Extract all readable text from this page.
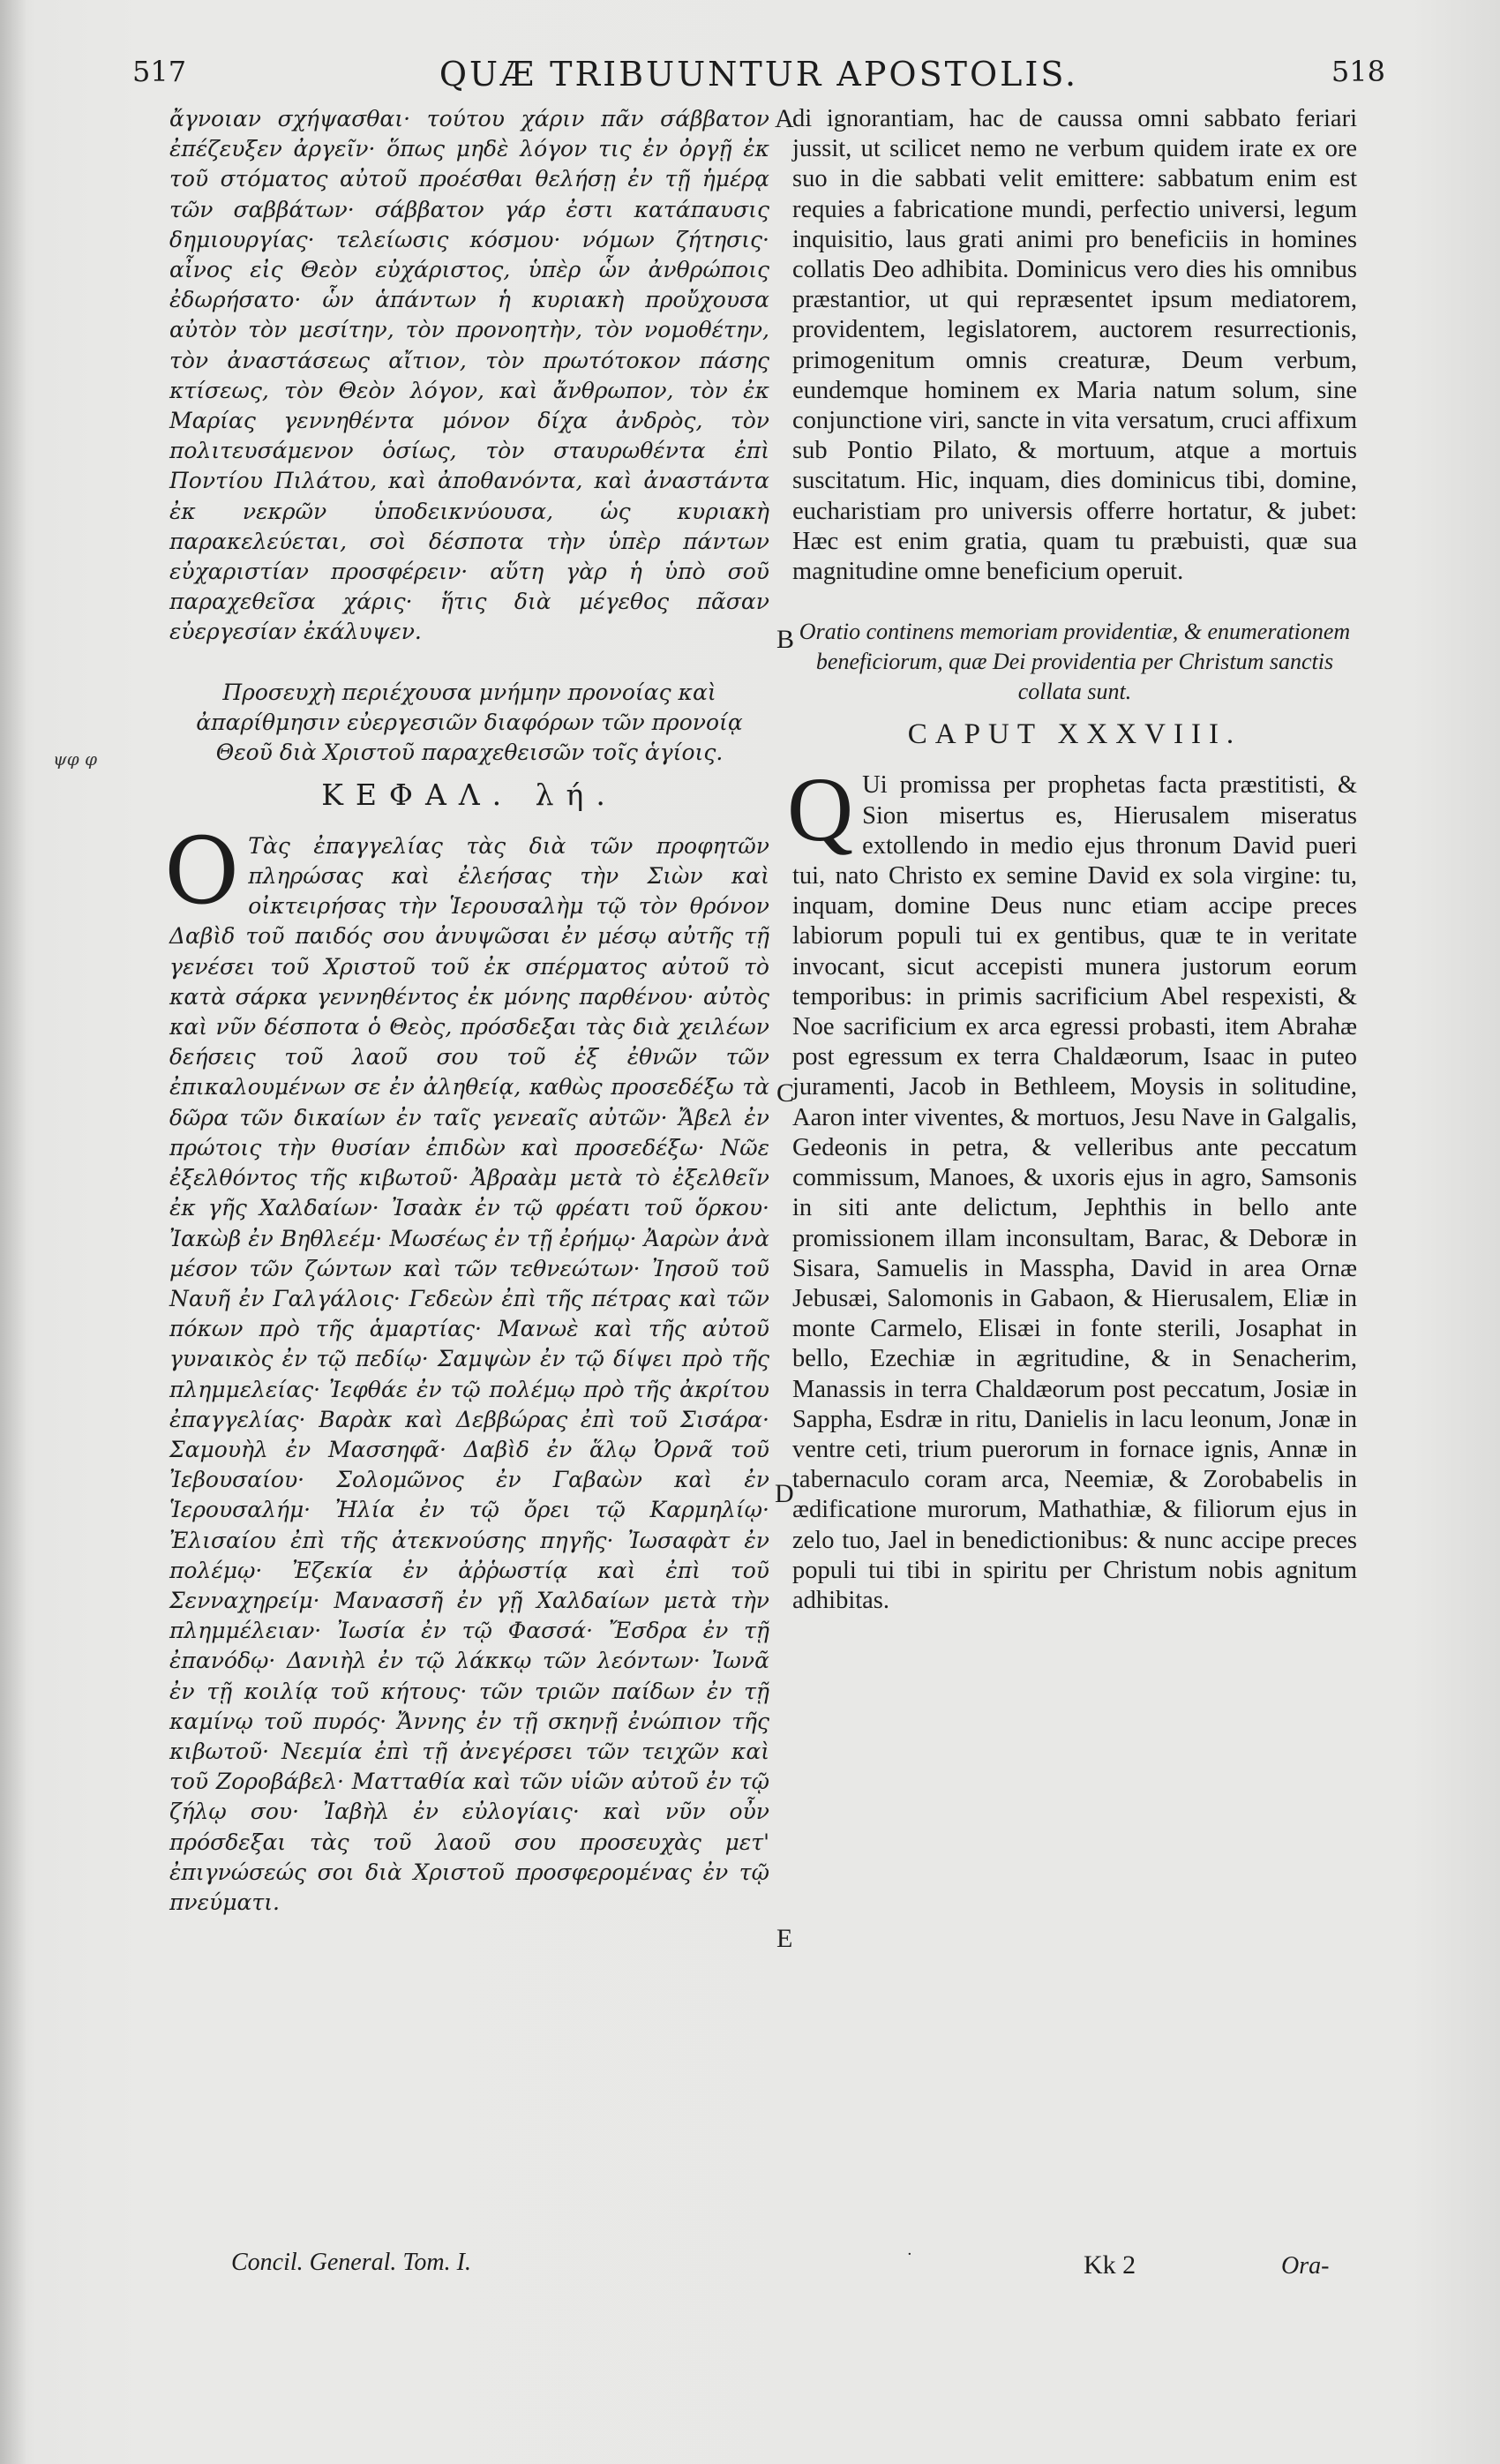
517	QUÆ TRIBUUNTUR APOSTOLIS.	518
ψφ φ

ἄγνοιαν σχήψασθαι· τούτου χάριν πᾶν σάββατον ἐπέζευξεν ἀργεῖν· ὅπως μηδὲ λόγον τις ἐν ὀργῇ ἐκ τοῦ στόματος αὐτοῦ προέσθαι θελήσῃ ἐν τῇ ἡμέρᾳ τῶν σαββάτων· σάββατον γάρ ἐστι κατάπαυσις δημιουργίας· τελείωσις κόσμου· νόμων ζήτησις· αἶνος εἰς Θεὸν εὐχάριστος, ὑπὲρ ὧν ἀνθρώποις ἐδωρήσατο· ὧν ἁπάντων ἡ κυριακὴ προὔχουσα αὐτὸν τὸν μεσίτην, τὸν προνοητὴν, τὸν νομοθέτην, τὸν ἀναστάσεως αἴτιον, τὸν πρωτότοκον πάσης κτίσεως, τὸν Θεὸν λόγον, καὶ ἄνθρωπον, τὸν ἐκ Μαρίας γεννηθέντα μόνον δίχα ἀνδρὸς, τὸν πολιτευσάμενον ὁσίως, τὸν σταυρωθέντα ἐπὶ Ποντίου Πιλάτου, καὶ ἀποθανόντα, καὶ ἀναστάντα ἐκ νεκρῶν ὑποδεικνύουσα, ὡς κυριακὴ παρακελεύεται, σοὶ δέσποτα τὴν ὑπὲρ πάντων εὐχαριστίαν προσφέρειν· αὕτη γὰρ ἡ ὑπὸ σοῦ παραχεθεῖσα χάρις· ἥτις διὰ μέγεθος πᾶσαν εὐεργεσίαν ἐκάλυψεν.

Προσευχὴ περιέχουσα μνήμην προνοίας καὶ ἀπαρίθμησιν εὐεργεσιῶν διαφόρων τῶν προνοίᾳ Θεοῦ διὰ Χριστοῦ παραχεθεισῶν τοῖς ἁγίοις.

ΚΕΦΑΛ. λή.

O Τὰς ἐπαγγελίας τὰς διὰ τῶν προφητῶν πληρώσας καὶ ἐλεήσας τὴν Σιὼν καὶ οἰκτειρήσας τὴν Ἱερουσαλὴμ τῷ τὸν θρόνον Δαβὶδ τοῦ παιδός σου ἀνυψῶσαι ἐν μέσῳ αὐτῆς τῇ γενέσει τοῦ Χριστοῦ τοῦ ἐκ σπέρματος αὐτοῦ τὸ κατὰ σάρκα γεννηθέντος ἐκ μόνης παρθένου· αὐτὸς καὶ νῦν δέσποτα ὁ Θεὸς, πρόσδεξαι τὰς διὰ χειλέων δεήσεις τοῦ λαοῦ σου τοῦ ἐξ ἐθνῶν τῶν ἐπικαλουμένων σε ἐν ἀληθείᾳ, καθὼς προσεδέξω τὰ δῶρα τῶν δικαίων ἐν ταῖς γενεαῖς αὐτῶν· Ἄβελ ἐν πρώτοις τὴν θυσίαν ἐπιδὼν καὶ προσεδέξω· Νῶε ἐξελθόντος τῆς κιβωτοῦ· Ἀβραὰμ μετὰ τὸ ἐξελθεῖν ἐκ γῆς Χαλδαίων· Ἰσαὰκ ἐν τῷ φρέατι τοῦ ὅρκου· Ἰακὼβ ἐν Βηθλεέμ· Μωσέως ἐν τῇ ἐρήμῳ· Ἀαρὼν ἀνὰ μέσον τῶν ζώντων καὶ τῶν τεθνεώτων· Ἰησοῦ τοῦ Ναυῆ ἐν Γαλγάλοις· Γεδεὼν ἐπὶ τῆς πέτρας καὶ τῶν πόκων πρὸ τῆς ἁμαρτίας· Μανωὲ καὶ τῆς αὐτοῦ γυναικὸς ἐν τῷ πεδίῳ· Σαμψὼν ἐν τῷ δίψει πρὸ τῆς πλημμελείας· Ἰεφθάε ἐν τῷ πολέμῳ πρὸ τῆς ἀκρίτου ἐπαγγελίας· Βαρὰκ καὶ Δεββώρας ἐπὶ τοῦ Σισάρα· Σαμουὴλ ἐν Μασσηφᾶ· Δαβὶδ ἐν ἅλῳ Ὀρνᾶ τοῦ Ἰεβουσαίου· Σολομῶνος ἐν Γαβαὼν καὶ ἐν Ἱερουσαλήμ· Ἠλία ἐν τῷ ὄρει τῷ Καρμηλίῳ· Ἐλισαίου ἐπὶ τῆς ἀτεκνούσης πηγῆς· Ἰωσαφὰτ ἐν πολέμῳ· Ἐζεκία ἐν ἀῤῥωστίᾳ καὶ ἐπὶ τοῦ Σενναχηρείμ· Μανασσῆ ἐν γῇ Χαλδαίων μετὰ τὴν πλημμέλειαν· Ἰωσία ἐν τῷ Φασσά· Ἔσδρα ἐν τῇ ἐπανόδῳ· Δανιὴλ ἐν τῷ λάκκῳ τῶν λεόντων· Ἰωνᾶ ἐν τῇ κοιλίᾳ τοῦ κήτους· τῶν τριῶν παίδων ἐν τῇ καμίνῳ τοῦ πυρός· Ἄννης ἐν τῇ σκηνῇ ἐνώπιον τῆς κιβωτοῦ· Νεεμία ἐπὶ τῇ ἀνεγέρσει τῶν τειχῶν καὶ τοῦ Ζοροβάβελ· Ματταθία καὶ τῶν υἱῶν αὐτοῦ ἐν τῷ ζήλῳ σου· Ἰαβὴλ ἐν εὐλογίαις· καὶ νῦν οὖν πρόσδεξαι τὰς τοῦ λαοῦ σου προσευχὰς μετ' ἐπιγνώσεώς σοι διὰ Χριστοῦ προσφερομένας ἐν τῷ πνεύματι.

A
B
C
D
E

di ignorantiam, hac de caussa omni sabbato feriari jussit, ut scilicet nemo ne verbum quidem irate ex ore suo in die sabbati velit emittere: sabbatum enim est requies a fabricatione mundi, perfectio universi, legum inquisitio, laus grati animi pro beneficiis in homines collatis Deo adhibita. Dominicus vero dies his omnibus præstantior, ut qui repræsentet ipsum mediatorem, providentem, legislatorem, auctorem resurrectionis, primogenitum omnis creaturæ, Deum verbum, eundemque hominem ex Maria natum solum, sine conjunctione viri, sancte in vita versatum, cruci affixum sub Pontio Pilato, & mortuum, atque a mortuis suscitatum. Hic, inquam, dies dominicus tibi, domine, eucharistiam pro universis offerre hortatur, & jubet: Hæc est enim gratia, quam tu præbuisti, quæ sua magnitudine omne beneficium operuit.

Oratio continens memoriam providentiæ, & enumerationem beneficiorum, quæ Dei providentia per Christum sanctis collata sunt.

CAPUT XXXVIII.

Q Ui promissa per prophetas facta præstitisti, & Sion misertus es, Hierusalem miseratus extollendo in medio ejus thronum David pueri tui, nato Christo ex semine David ex sola virgine: tu, inquam, domine Deus nunc etiam accipe preces labiorum populi tui ex gentibus, quæ te in veritate invocant, sicut accepisti munera justorum eorum temporibus: in primis sacrificium Abel respexisti, & Noe sacrificium ex arca egressi probasti, item Abrahæ post egressum ex terra Chaldæorum, Isaac in puteo juramenti, Jacob in Bethleem, Moysis in solitudine, Aaron inter viventes, & mortuos, Jesu Nave in Galgalis, Gedeonis in petra, & velleribus ante peccatum commissum, Manoes, & uxoris ejus in agro, Samsonis in siti ante delictum, Jephthis in bello ante promissionem illam inconsultam, Barac, & Deboræ in Sisara, Samuelis in Masspha, David in area Ornæ Jebusæi, Salomonis in Gabaon, & Hierusalem, Eliæ in monte Carmelo, Elisæi in fonte sterili, Josaphat in bello, Ezechiæ in ægritudine, & in Senacherim, Manassis in terra Chaldæorum post peccatum, Josiæ in Sappha, Esdræ in ritu, Danielis in lacu leonum, Jonæ in ventre ceti, trium puerorum in fornace ignis, Annæ in tabernaculo coram arca, Neemiæ, & Zorobabelis in ædificatione murorum, Mathathiæ, & filiorum ejus in zelo tuo, Jael in benedictionibus: & nunc accipe preces populi tui tibi in spiritu per Christum nobis agnitum adhibitas.

Concil. General. Tom. I.	·	Kk 2	Ora-
